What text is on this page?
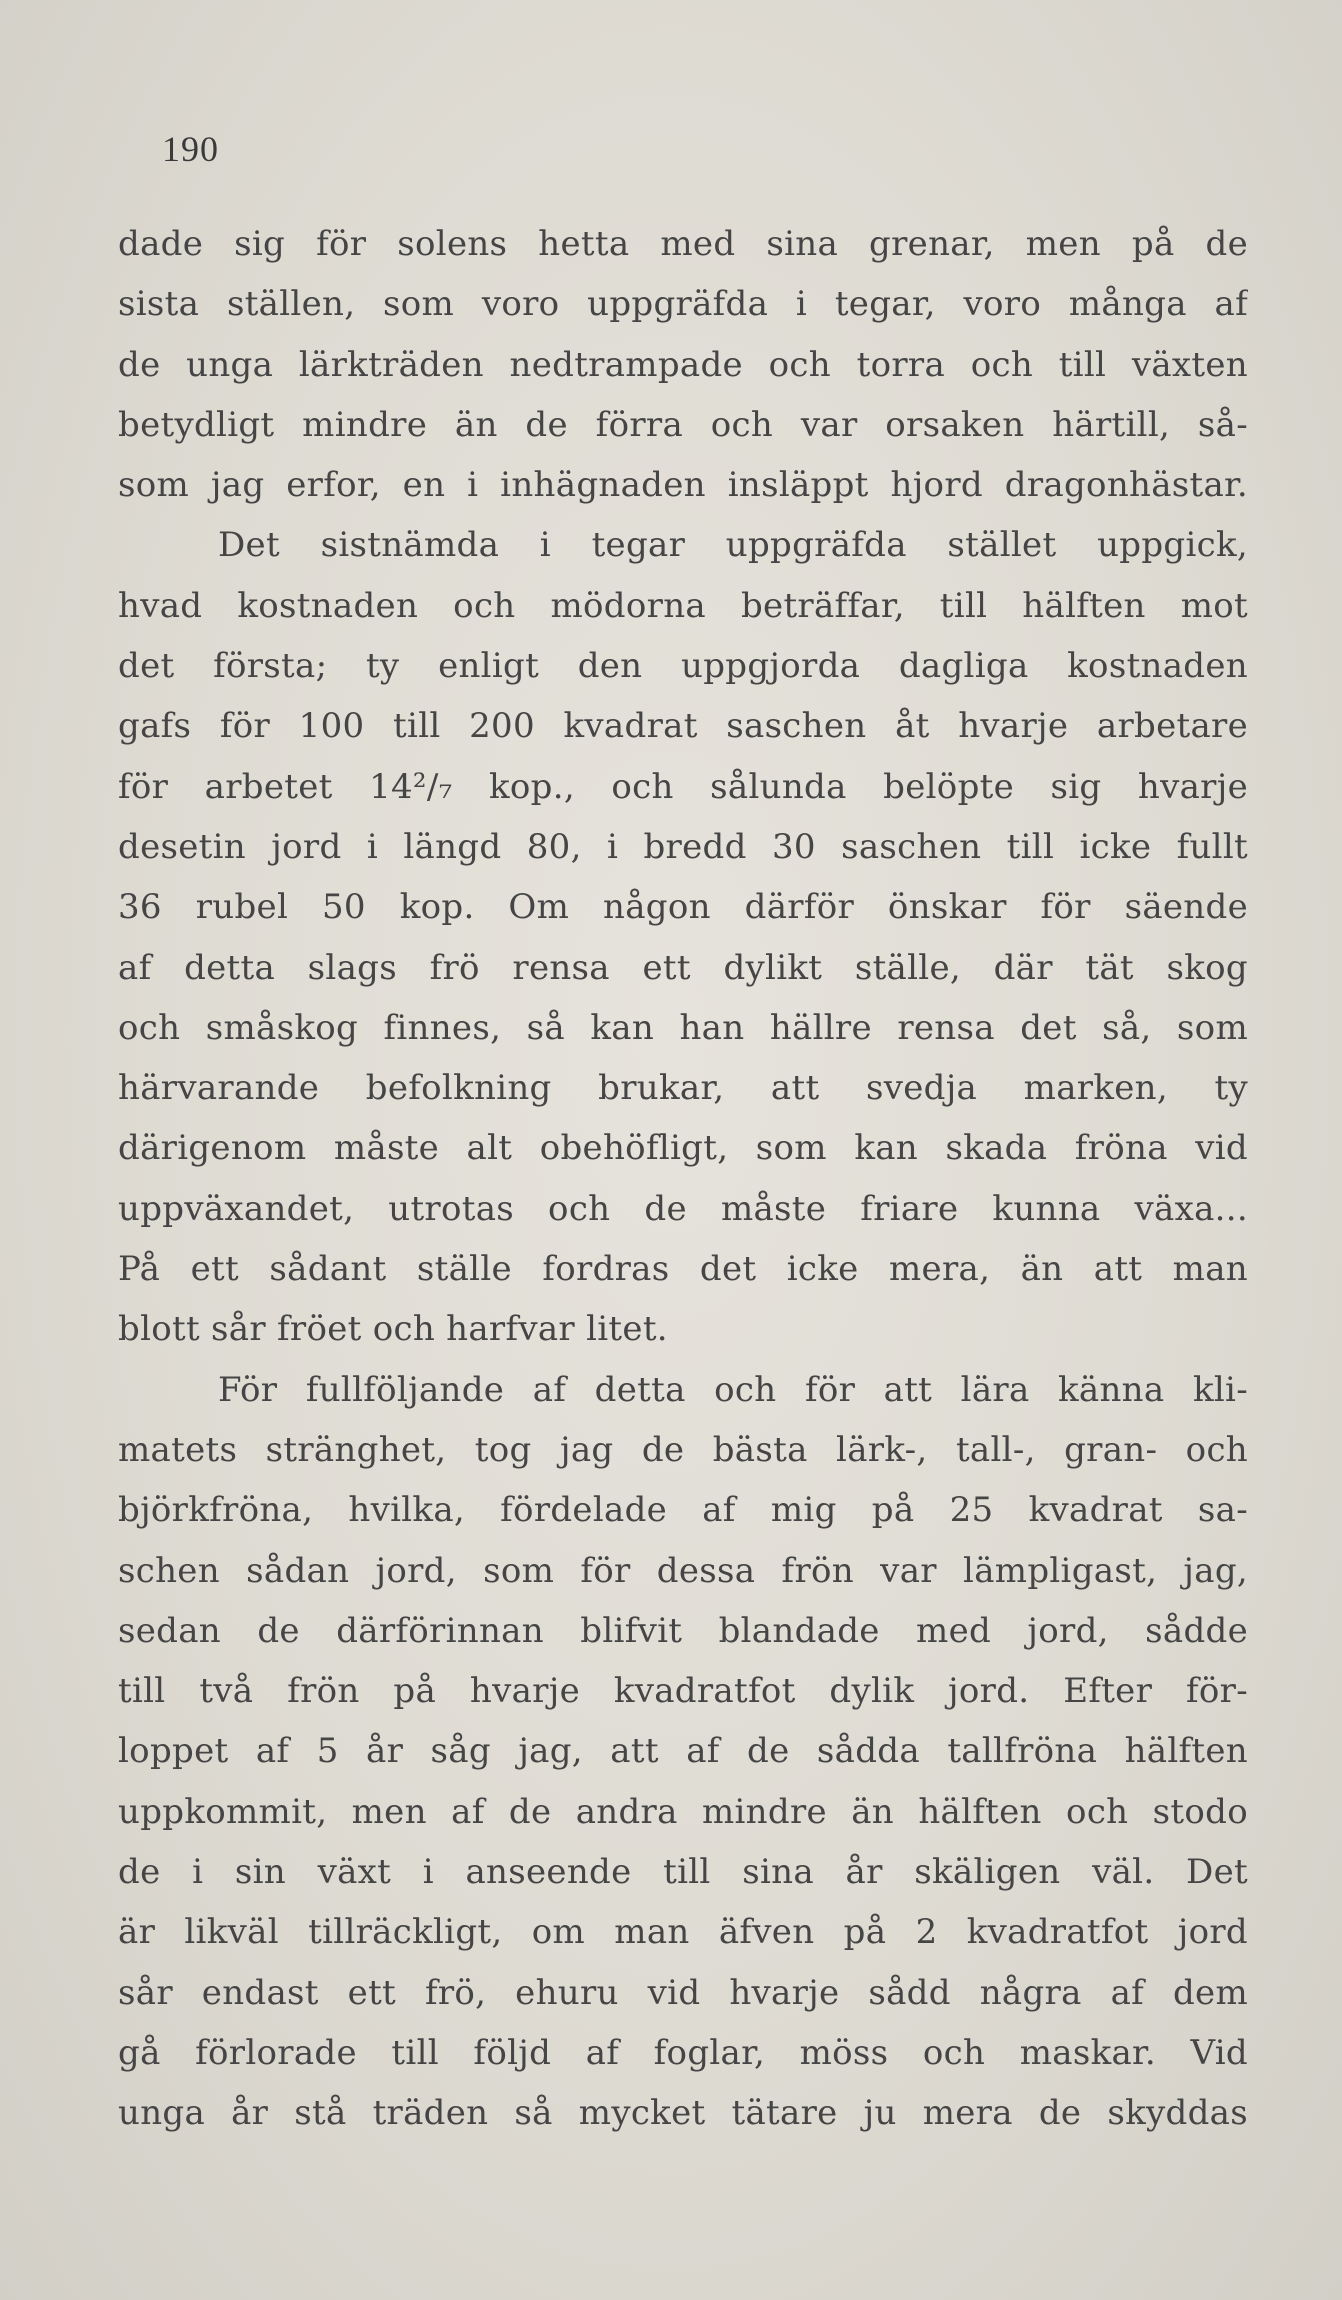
190
dade sig för solens hetta med sina grenar, men på de
sista ställen, som voro uppgräfda i tegar, voro många af
de unga lärkträden nedtrampade och torra och till växten
betydligt mindre än de förra och var orsaken härtill, så-
som jag erfor, en i inhägnaden insläppt hjord dragonhästar.
Det sistnämda i tegar uppgräfda stället uppgick,
hvad kostnaden och mödorna beträffar, till hälften mot
det första; ty enligt den uppgjorda dagliga kostnaden
gafs för 100 till 200 kvadrat saschen åt hvarje arbetare
för arbetet 14²/₇ kop., och sålunda belöpte sig hvarje
desetin jord i längd 80, i bredd 30 saschen till icke fullt
36 rubel 50 kop. Om någon därför önskar för säende
af detta slags frö rensa ett dylikt ställe, där tät skog
och småskog finnes, så kan han hällre rensa det så, som
härvarande befolkning brukar, att svedja marken, ty
därigenom måste alt obehöfligt, som kan skada fröna vid
uppväxandet, utrotas och de måste friare kunna växa...
På ett sådant ställe fordras det icke mera, än att man
blott sår fröet och harfvar litet.
För fullföljande af detta och för att lära känna kli-
matets stränghet, tog jag de bästa lärk-, tall-, gran- och
björkfröna, hvilka, fördelade af mig på 25 kvadrat sa-
schen sådan jord, som för dessa frön var lämpligast, jag,
sedan de därförinnan blifvit blandade med jord, sådde
till två frön på hvarje kvadratfot dylik jord. Efter för-
loppet af 5 år såg jag, att af de sådda tallfröna hälften
uppkommit, men af de andra mindre än hälften och stodo
de i sin växt i anseende till sina år skäligen väl. Det
är likväl tillräckligt, om man äfven på 2 kvadratfot jord
sår endast ett frö, ehuru vid hvarje sådd några af dem
gå förlorade till följd af foglar, möss och maskar. Vid
unga år stå träden så mycket tätare ju mera de skyddas
